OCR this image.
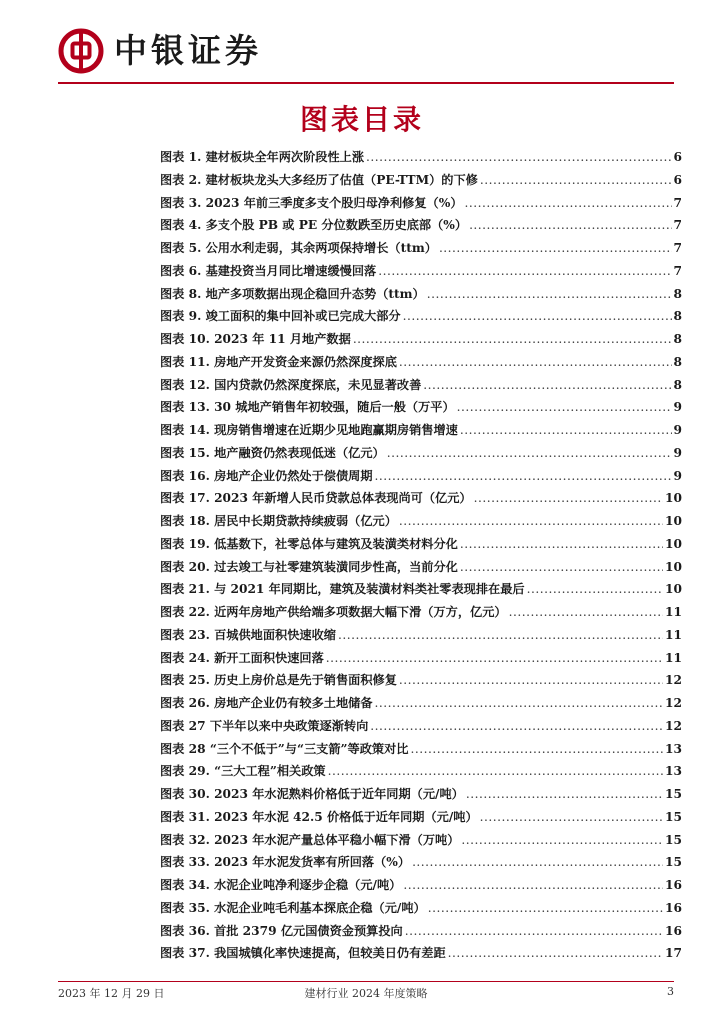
中银证券
图表目录
图表 1. 建材板块全年两次阶段性上涨 .....	6
图表 2. 建材板块龙头大多经历了估值（PE-TTM）的下修 .....	6
图表 3. 2023 年前三季度多支个股归母净利修复（%） .....	7
图表 4. 多支个股 PB 或 PE 分位数跌至历史底部（%） .....	7
图表 5. 公用水利走弱，其余两项保持增长（ttm） .....	7
图表 6. 基建投资当月同比增速缓慢回落 .....	7
图表 8. 地产多项数据出现企稳回升态势（ttm） .....	8
图表 9. 竣工面积的集中回补或已完成大部分 .....	8
图表 10. 2023 年 11 月地产数据 .....	8
图表 11. 房地产开发资金来源仍然深度探底 .....	8
图表 12. 国内贷款仍然深度探底，未见显著改善 .....	8
图表 13. 30 城地产销售年初较强，随后一般（万平） .....	9
图表 14. 现房销售增速在近期少见地跑赢期房销售增速 .....	9
图表 15. 地产融资仍然表现低迷（亿元） .....	9
图表 16. 房地产企业仍然处于偿债周期 .....	9
图表 17. 2023 年新增人民币贷款总体表现尚可（亿元） .....	10
图表 18. 居民中长期贷款持续疲弱（亿元） .....	10
图表 19. 低基数下，社零总体与建筑及装潢类材料分化 .....	10
图表 20. 过去竣工与社零建筑装潢同步性高，当前分化 .....	10
图表 21. 与 2021 年同期比，建筑及装潢材料类社零表现排在最后 .....	10
图表 22. 近两年房地产供给端多项数据大幅下滑（万方，亿元） .....	11
图表 23. 百城供地面积快速收缩 .....	11
图表 24. 新开工面积快速回落 .....	11
图表 25. 历史上房价总是先于销售面积修复 .....	12
图表 26. 房地产企业仍有较多土地储备 .....	12
图表 27 下半年以来中央政策逐渐转向 .....	12
图表 28 “三个不低于”与“三支箭”等政策对比 .....	13
图表 29. “三大工程”相关政策 .....	13
图表 30. 2023 年水泥熟料价格低于近年同期（元/吨） .....	15
图表 31. 2023 年水泥 42.5 价格低于近年同期（元/吨） .....	15
图表 32. 2023 年水泥产量总体平稳小幅下滑（万吨） .....	15
图表 33. 2023 年水泥发货率有所回落（%） .....	15
图表 34. 水泥企业吨净利逐步企稳（元/吨） .....	16
图表 35. 水泥企业吨毛利基本探底企稳（元/吨） .....	16
图表 36. 首批 2379 亿元国债资金预算投向 .....	16
图表 37. 我国城镇化率快速提高，但较美日仍有差距 .....	17
2023 年 12 月 29 日	建材行业 2024 年度策略	3
